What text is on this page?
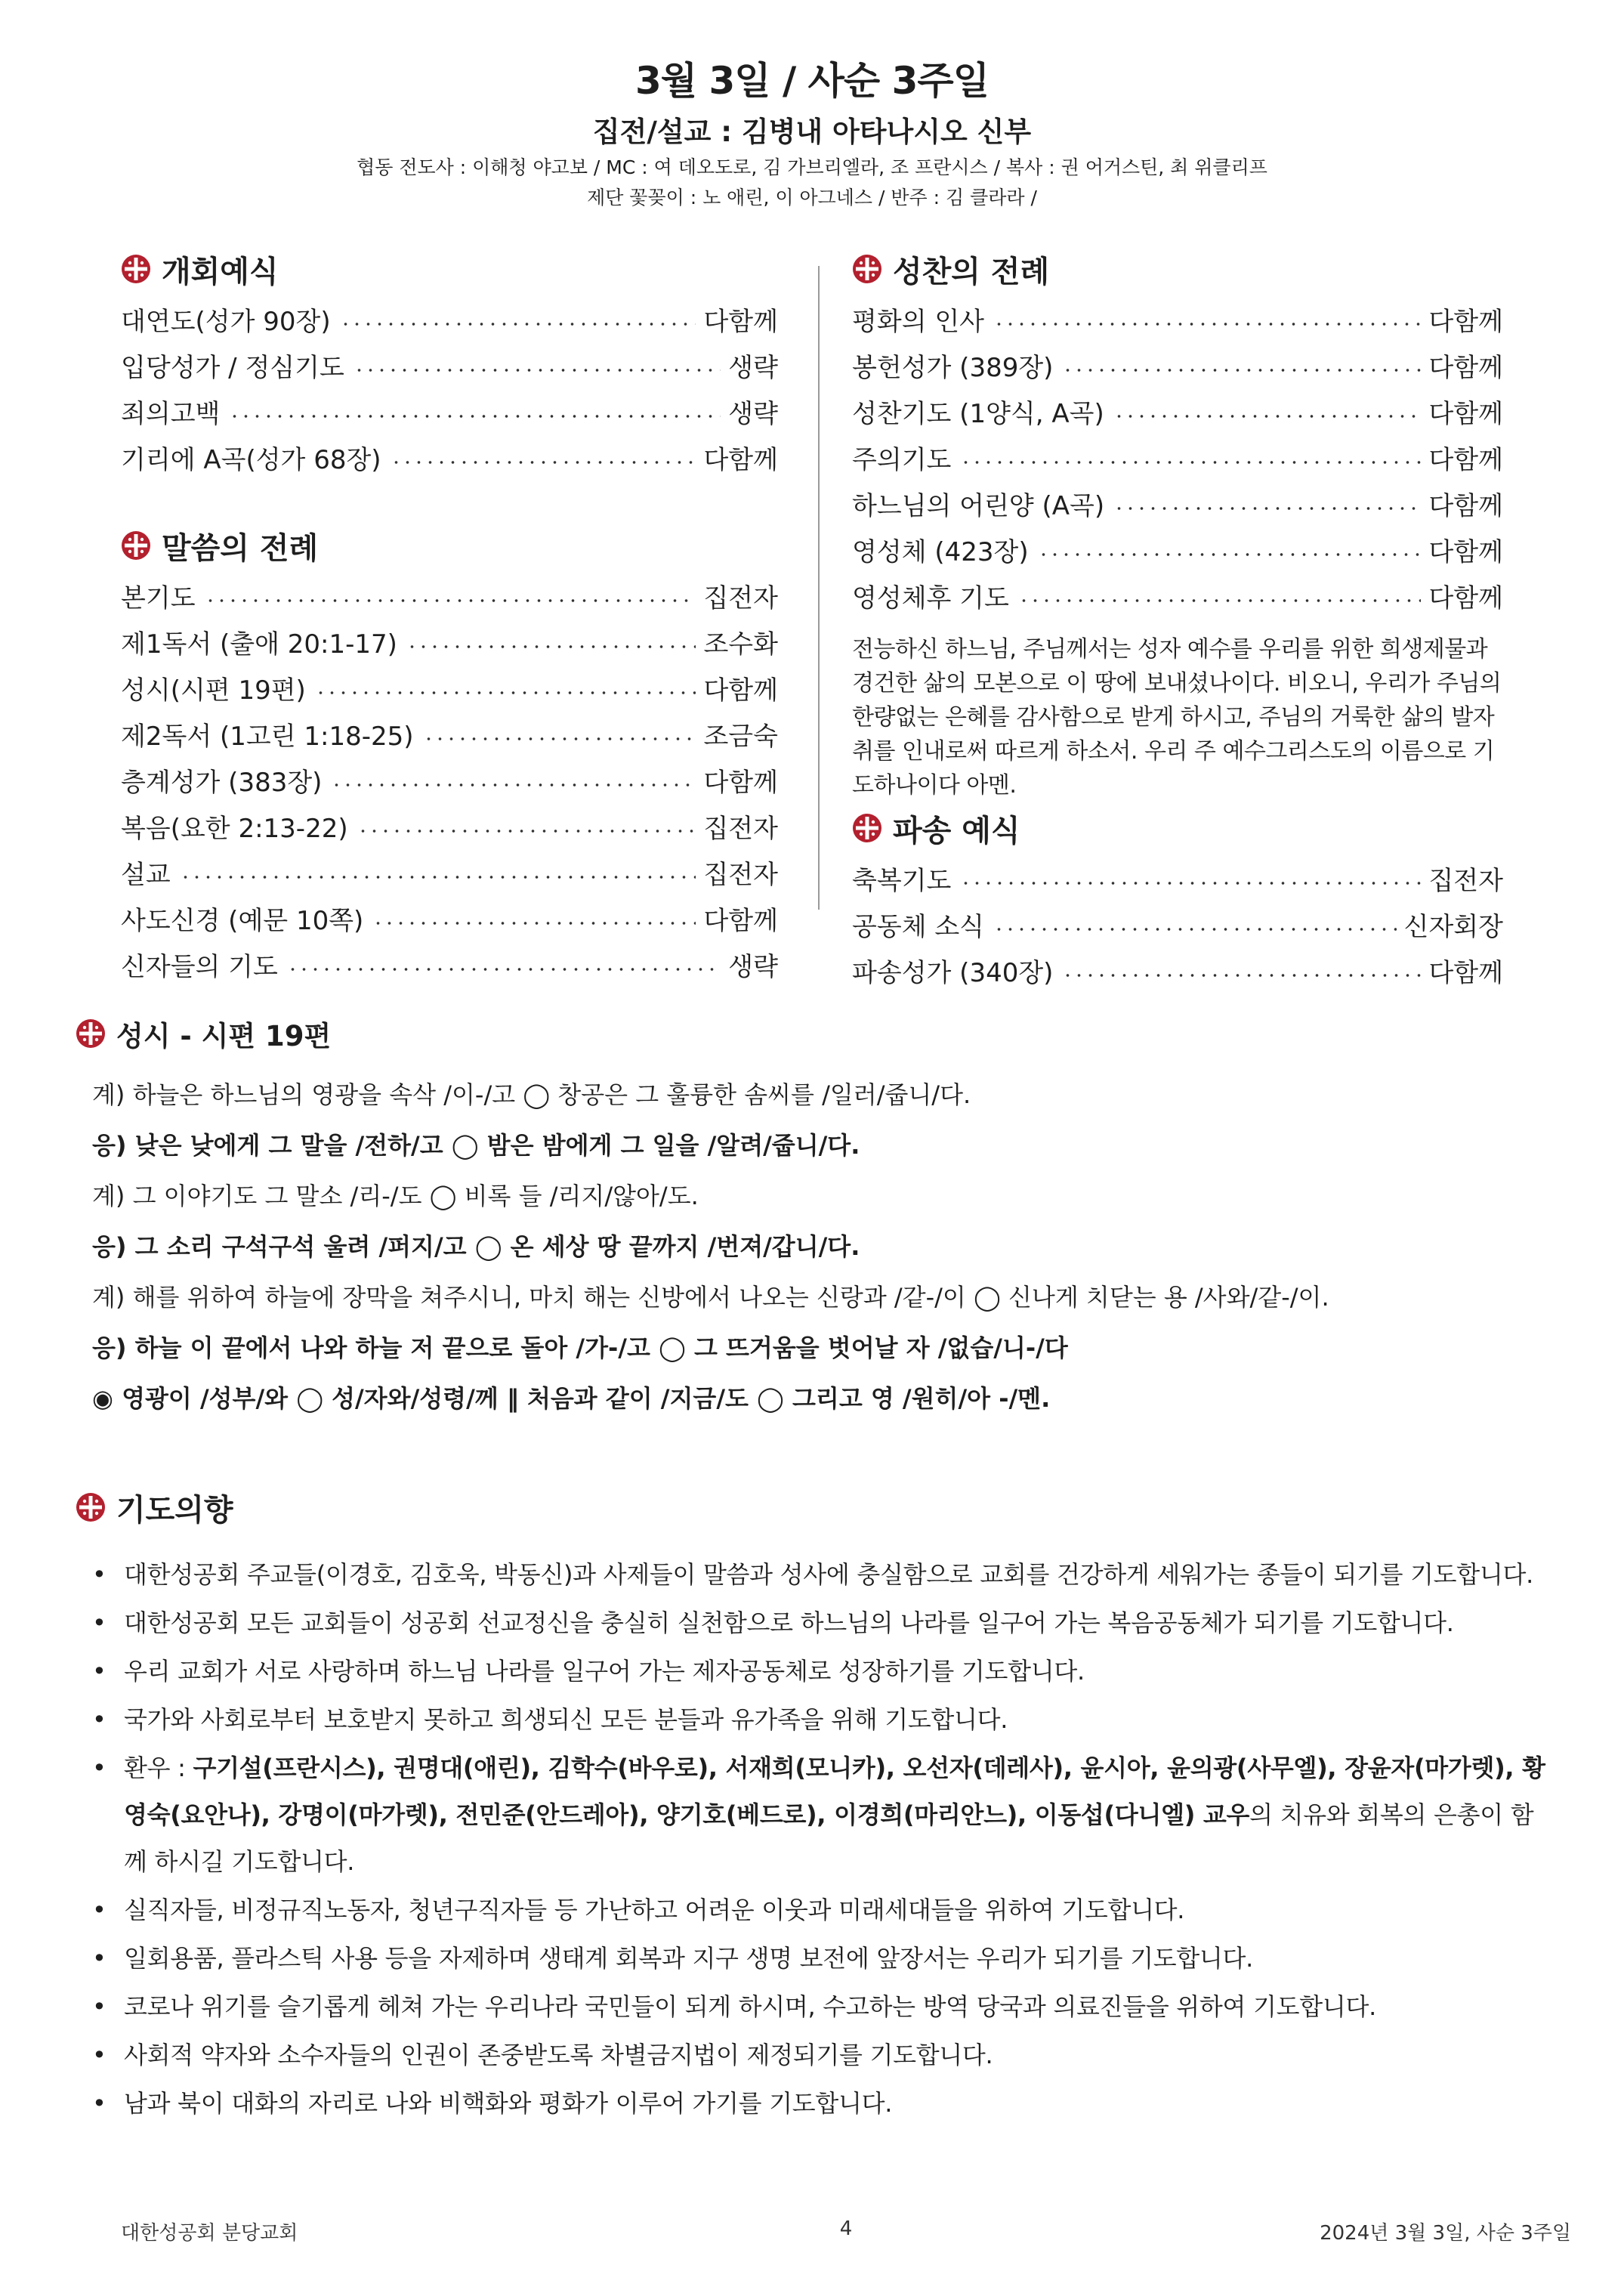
3월 3일 / 사순 3주일
집전/설교 : 김병내 아타나시오 신부
협동 전도사 : 이해청 야고보 / MC : 여 데오도로, 김 가브리엘라, 조 프란시스 / 복사 : 권 어거스틴, 최 위클리프
제단 꽃꽂이 : 노 애린, 이 아그네스 / 반주 : 김 클라라 /
개회예식
대연도(성가 90장)	다함께
입당성가 / 정심기도	생략
죄의고백	생략
기리에 A곡(성가 68장)	다함께
말씀의 전례
본기도	집전자
제1독서 (출애 20:1-17)	조수화
성시(시편 19편)	다함께
제2독서 (1고린 1:18-25)	조금숙
층계성가 (383장)	다함께
복음(요한 2:13-22)	집전자
설교	집전자
사도신경 (예문 10쪽)	다함께
신자들의 기도	생략
성찬의 전례
평화의 인사	다함께
봉헌성가 (389장)	다함께
성찬기도 (1양식, A곡)	다함께
주의기도	다함께
하느님의 어린양 (A곡)	다함께
영성체 (423장)	다함께
영성체후 기도	다함께
전능하신 하느님, 주님께서는 성자 예수를 우리를 위한 희생제물과 경건한 삶의 모본으로 이 땅에 보내셨나이다. 비오니, 우리가 주님의 한량없는 은혜를 감사함으로 받게 하시고, 주님의 거룩한 삶의 발자취를 인내로써 따르게 하소서. 우리 주 예수그리스도의 이름으로 기도하나이다 아멘.
파송 예식
축복기도	집전자
공동체 소식	신자회장
파송성가 (340장)	다함께
성시 - 시편 19편
계) 하늘은 하느님의 영광을 속삭 /이-/고 ◯ 창공은 그 훌륭한 솜씨를 /일러/줍니/다.
응) 낮은 낮에게 그 말을 /전하/고 ◯ 밤은 밤에게 그 일을 /알려/줍니/다.
계) 그 이야기도 그 말소 /리-/도 ◯ 비록 들 /리지/않아/도.
응) 그 소리 구석구석 울려 /퍼지/고 ◯ 온 세상 땅 끝까지 /번져/갑니/다.
계) 해를 위하여 하늘에 장막을 쳐주시니, 마치 해는 신방에서 나오는 신랑과 /같-/이 ◯ 신나게 치닫는 용 /사와/같-/이.
응) 하늘 이 끝에서 나와 하늘 저 끝으로 돌아 /가-/고 ◯ 그 뜨거움을 벗어날 자 /없습/니-/다
◉ 영광이 /성부/와 ◯ 성/자와/성령/께 ‖ 처음과 같이 /지금/도 ◯ 그리고 영 /원히/아 -/멘.
기도의향
• 대한성공회 주교들(이경호, 김호욱, 박동신)과 사제들이 말씀과 성사에 충실함으로 교회를 건강하게 세워가는 종들이 되기를 기도합니다.
• 대한성공회 모든 교회들이 성공회 선교정신을 충실히 실천함으로 하느님의 나라를 일구어 가는 복음공동체가 되기를 기도합니다.
• 우리 교회가 서로 사랑하며 하느님 나라를 일구어 가는 제자공동체로 성장하기를 기도합니다.
• 국가와 사회로부터 보호받지 못하고 희생되신 모든 분들과 유가족을 위해 기도합니다.
• 환우 : 구기설(프란시스), 권명대(애린), 김학수(바우로), 서재희(모니카), 오선자(데레사), 윤시아, 윤의광(사무엘), 장윤자(마가렛), 황영숙(요안나), 강명이(마가렛), 전민준(안드레아), 양기호(베드로), 이경희(마리안느), 이동섭(다니엘) 교우의 치유와 회복의 은총이 함께 하시길 기도합니다.
• 실직자들, 비정규직노동자, 청년구직자들 등 가난하고 어려운 이웃과 미래세대들을 위하여 기도합니다.
• 일회용품, 플라스틱 사용 등을 자제하며 생태계 회복과 지구 생명 보전에 앞장서는 우리가 되기를 기도합니다.
• 코로나 위기를 슬기롭게 헤쳐 가는 우리나라 국민들이 되게 하시며, 수고하는 방역 당국과 의료진들을 위하여 기도합니다.
• 사회적 약자와 소수자들의 인권이 존중받도록 차별금지법이 제정되기를 기도합니다.
• 남과 북이 대화의 자리로 나와 비핵화와 평화가 이루어 가기를 기도합니다.
대한성공회 분당교회	4	2024년 3월 3일, 사순 3주일
